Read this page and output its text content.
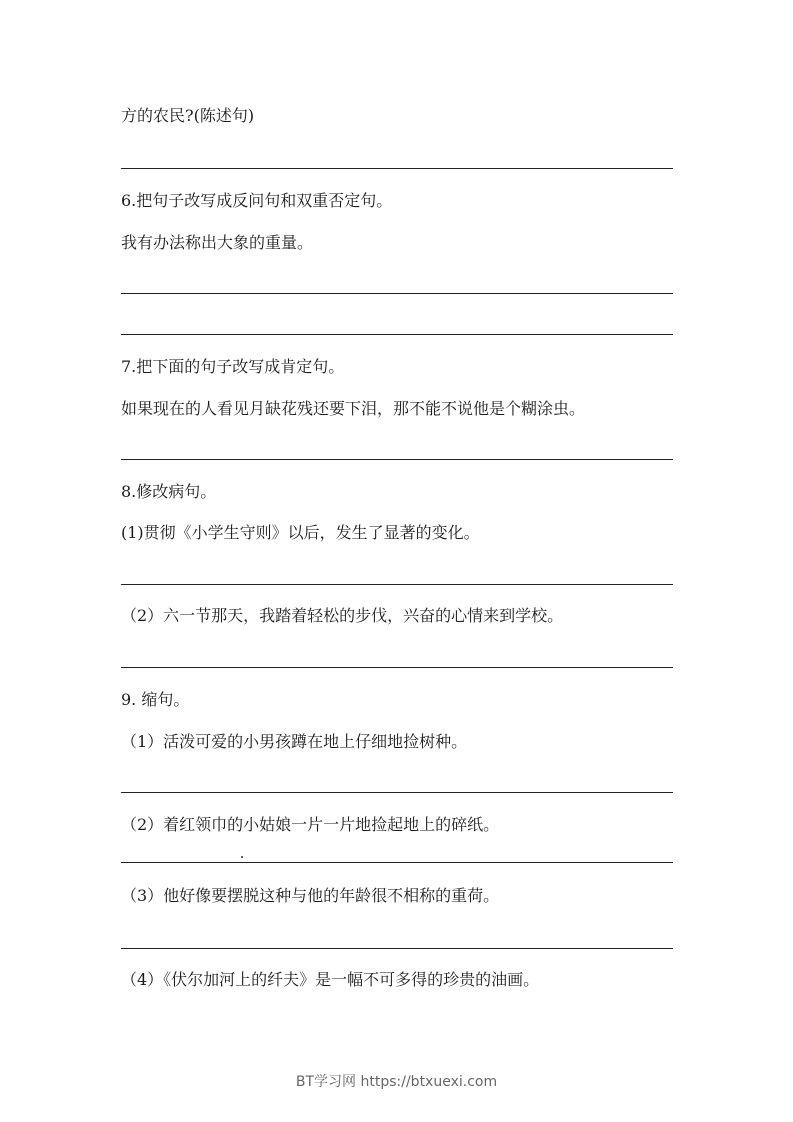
方的农民?(陈述句)
6.把句子改写成反问句和双重否定句。
我有办法称出大象的重量。
7.把下面的句子改写成肯定句。
如果现在的人看见月缺花残还要下泪，那不能不说他是个糊涂虫。
8.修改病句。
(1)贯彻《小学生守则》以后，发生了显著的变化。
（2）六一节那天，我踏着轻松的步伐，兴奋的心情来到学校。
9. 缩句。
（1）活泼可爱的小男孩蹲在地上仔细地捡树种。
（2）着红领巾的小姑娘一片一片地捡起地上的碎纸。
（3）他好像要摆脱这种与他的年龄很不相称的重荷。
（4）《伏尔加河上的纤夫》是一幅不可多得的珍贵的油画。
BT学习网 https://btxuexi.com
